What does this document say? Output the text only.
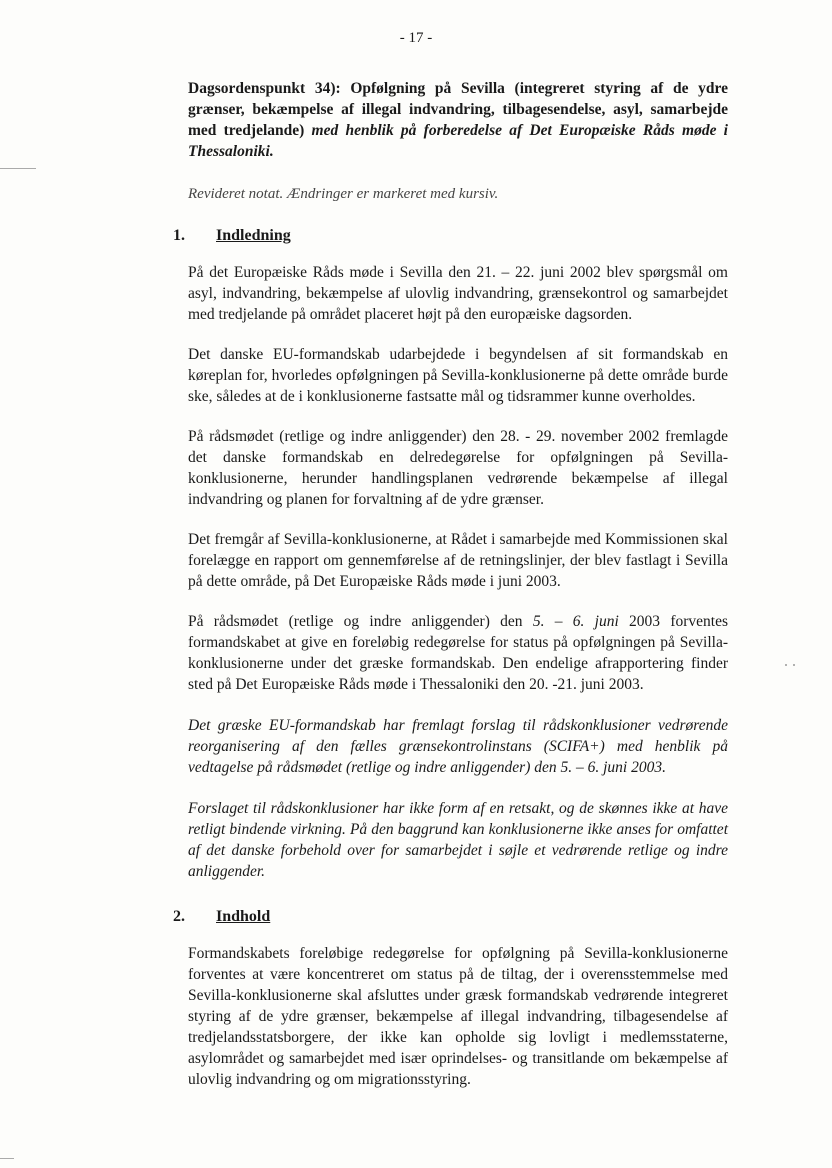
- 17 -

Dagsordenspunkt 34): Opfølgning på Sevilla (integreret styring af de ydre grænser, bekæmpelse af illegal indvandring, tilbagesendelse, asyl, samarbejde med tredjelande) med henblik på forberedelse af Det Europæiske Råds møde i Thessaloniki.

Revideret notat. Ændringer er markeret med kursiv.

1.	Indledning

På det Europæiske Råds møde i Sevilla den 21. – 22. juni 2002 blev spørgsmål om asyl, indvandring, bekæmpelse af ulovlig indvandring, grænsekontrol og samarbejdet med tredjelande på området placeret højt på den europæiske dagsorden.

Det danske EU-formandskab udarbejdede i begyndelsen af sit formandskab en køreplan for, hvorledes opfølgningen på Sevilla-konklusionerne på dette område burde ske, således at de i konklusionerne fastsatte mål og tidsrammer kunne overholdes.

På rådsmødet (retlige og indre anliggender) den 28. - 29. november 2002 fremlagde det danske formandskab en delredegørelse for opfølgningen på Sevilla-konklusionerne, herunder handlingsplanen vedrørende bekæmpelse af illegal indvandring og planen for forvaltning af de ydre grænser.

Det fremgår af Sevilla-konklusionerne, at Rådet i samarbejde med Kommissionen skal forelægge en rapport om gennemførelse af de retningslinjer, der blev fastlagt i Sevilla på dette område, på Det Europæiske Råds møde i juni 2003.

På rådsmødet (retlige og indre anliggender) den 5. – 6. juni 2003 forventes formandskabet at give en foreløbig redegørelse for status på opfølgningen på Sevilla-konklusionerne under det græske formandskab. Den endelige afrapportering finder sted på Det Europæiske Råds møde i Thessaloniki den 20. -21. juni 2003.

Det græske EU-formandskab har fremlagt forslag til rådskonklusioner vedrørende reorganisering af den fælles grænsekontrolinstans (SCIFA+) med henblik på vedtagelse på rådsmødet (retlige og indre anliggender) den 5. – 6. juni 2003.

Forslaget til rådskonklusioner har ikke form af en retsakt, og de skønnes ikke at have retligt bindende virkning. På den baggrund kan konklusionerne ikke anses for omfattet af det danske forbehold over for samarbejdet i søjle et vedrørende retlige og indre anliggender.

2.	Indhold

Formandskabets foreløbige redegørelse for opfølgning på Sevilla-konklusionerne forventes at være koncentreret om status på de tiltag, der i overensstemmelse med Sevilla-konklusionerne skal afsluttes under græsk formandskab vedrørende integreret styring af de ydre grænser, bekæmpelse af illegal indvandring, tilbagesendelse af tredjelandsstatsborgere, der ikke kan opholde sig lovligt i medlemsstaterne, asylområdet og samarbejdet med især oprindelses- og transitlande om bekæmpelse af ulovlig indvandring og om migrationsstyring.
